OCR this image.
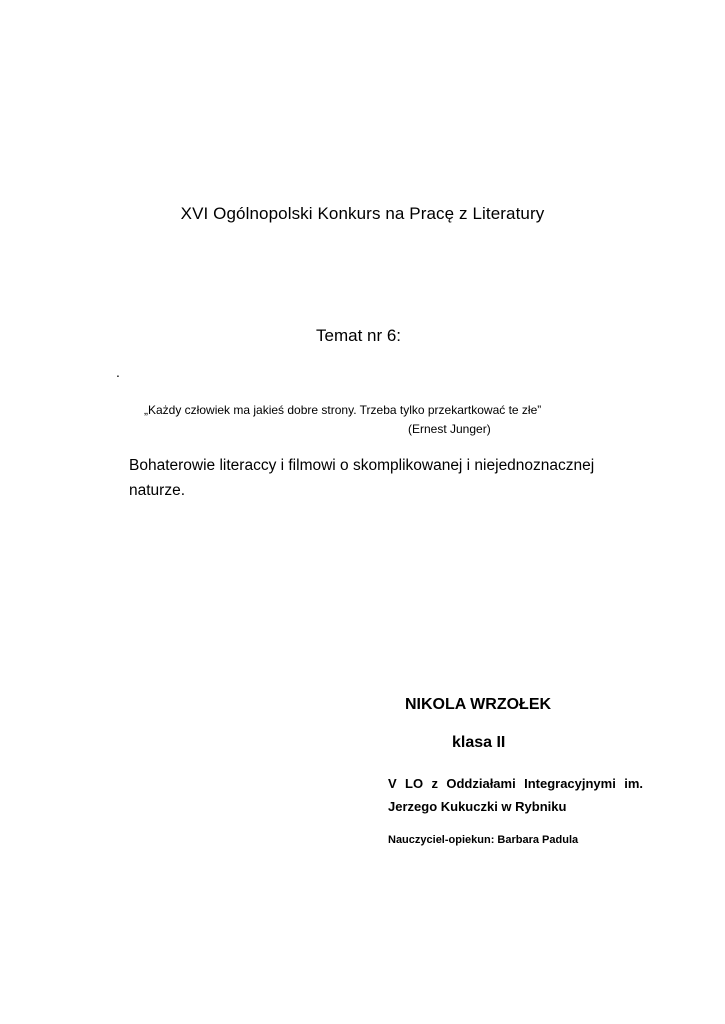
XVI Ogólnopolski Konkurs na Pracę z Literatury

Temat nr 6:

.

„Każdy człowiek ma jakieś dobre strony. Trzeba tylko przekartkować te złe”

(Ernest Junger)

Bohaterowie literaccy i filmowi o skomplikowanej i niejednoznacznej naturze.

NIKOLA WRZOŁEK

klasa II

V LO z Oddziałami Integracyjnymi im. Jerzego Kukuczki w Rybniku

Nauczyciel-opiekun: Barbara Padula
